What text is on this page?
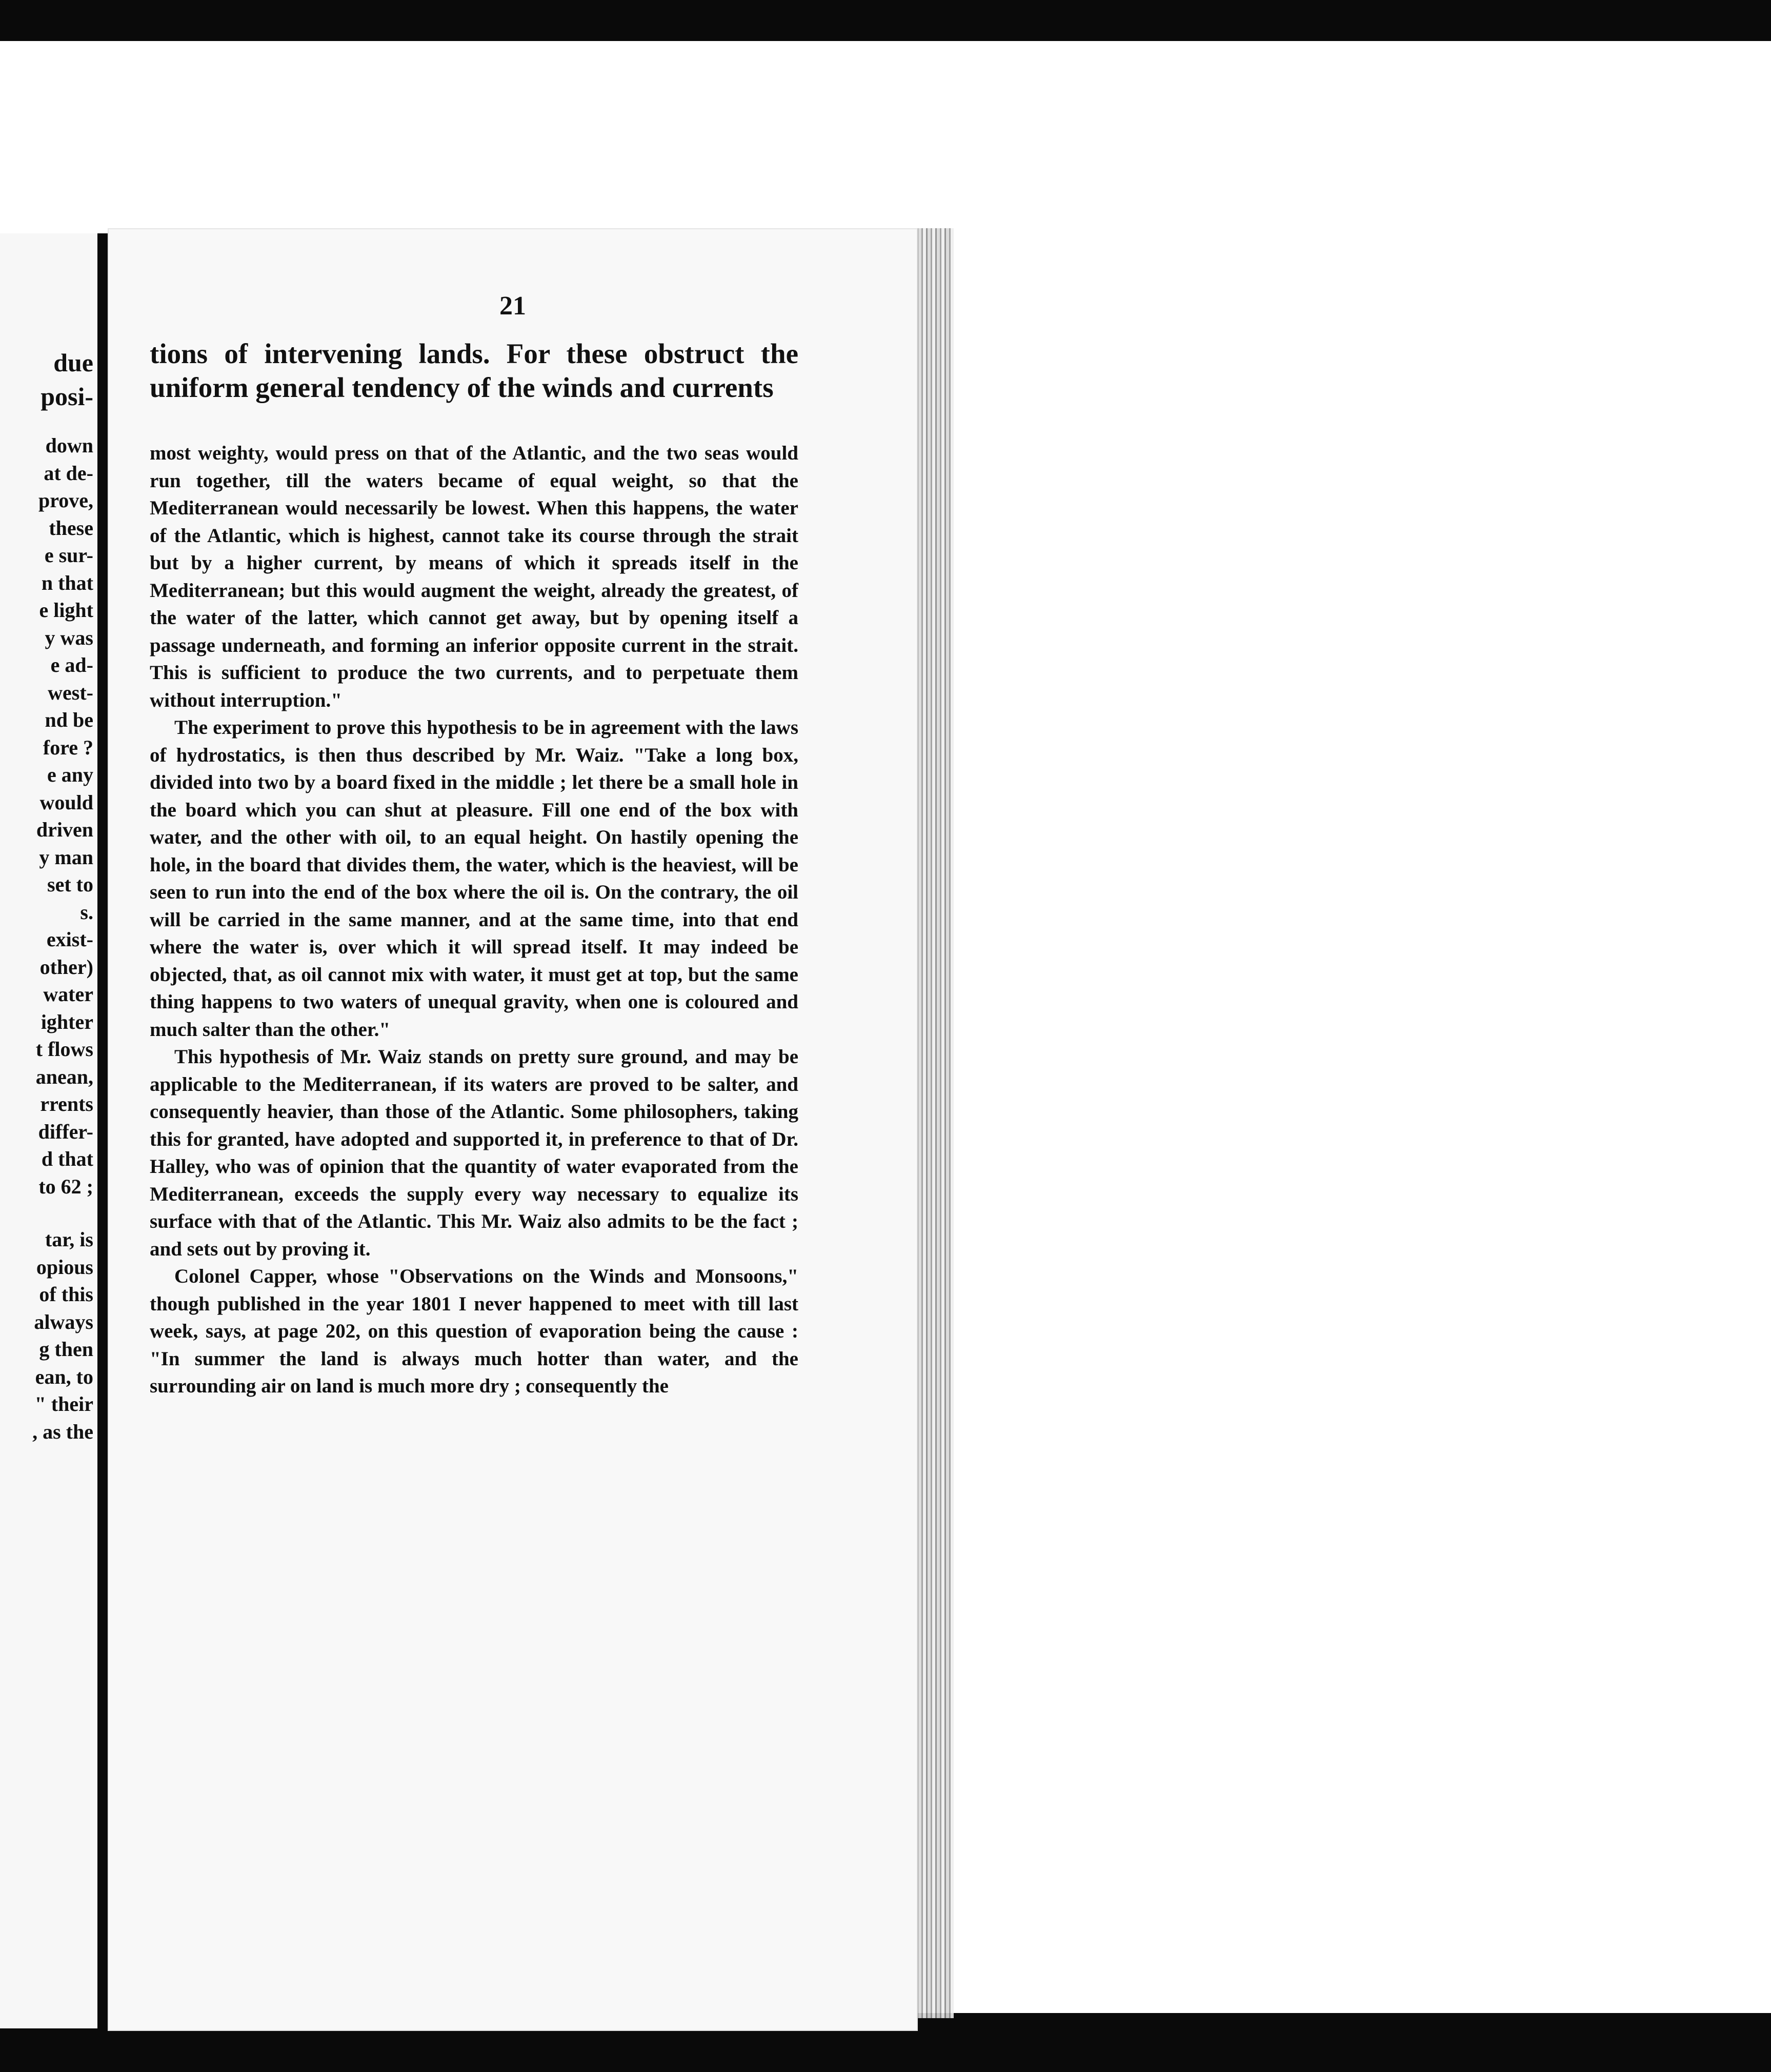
due
posi-
down
at de-
prove,
these
e sur-
n that
e light
y was
e ad-
west-
nd be
fore ?
e any
would
driven
y man
set to
s.
exist-
other)
water
ighter
t flows
anean,
rrents
differ-
d that
to 62 ;
tar, is
opious
of this
always
g then
ean, to
" their
, as the
21
tions of intervening lands. For these obstruct the uniform general tendency of the winds and currents

most weighty, would press on that of the Atlantic, and the two seas would run together, till the waters became of equal weight, so that the Mediterranean would necessarily be lowest. When this happens, the water of the Atlantic, which is highest, cannot take its course through the strait but by a higher current, by means of which it spreads itself in the Mediterranean; but this would augment the weight, already the greatest, of the water of the latter, which cannot get away, but by opening itself a passage underneath, and forming an inferior opposite current in the strait. This is sufficient to produce the two currents, and to perpetuate them without interruption."

The experiment to prove this hypothesis to be in agreement with the laws of hydrostatics, is then thus described by Mr. Waiz. "Take a long box, divided into two by a board fixed in the middle ; let there be a small hole in the board which you can shut at pleasure. Fill one end of the box with water, and the other with oil, to an equal height. On hastily opening the hole, in the board that divides them, the water, which is the heaviest, will be seen to run into the end of the box where the oil is. On the contrary, the oil will be carried in the same manner, and at the same time, into that end where the water is, over which it will spread itself. It may indeed be objected, that, as oil cannot mix with water, it must get at top, but the same thing happens to two waters of unequal gravity, when one is coloured and much salter than the other."

This hypothesis of Mr. Waiz stands on pretty sure ground, and may be applicable to the Mediterranean, if its waters are proved to be salter, and consequently heavier, than those of the Atlantic. Some philosophers, taking this for granted, have adopted and supported it, in preference to that of Dr. Halley, who was of opinion that the quantity of water evaporated from the Mediterranean, exceeds the supply every way necessary to equalize its surface with that of the Atlantic. This Mr. Waiz also admits to be the fact ; and sets out by proving it.

Colonel Capper, whose "Observations on the Winds and Monsoons," though published in the year 1801 I never happened to meet with till last week, says, at page 202, on this question of evaporation being the cause : "In summer the land is always much hotter than water, and the surrounding air on land is much more dry ; consequently the
